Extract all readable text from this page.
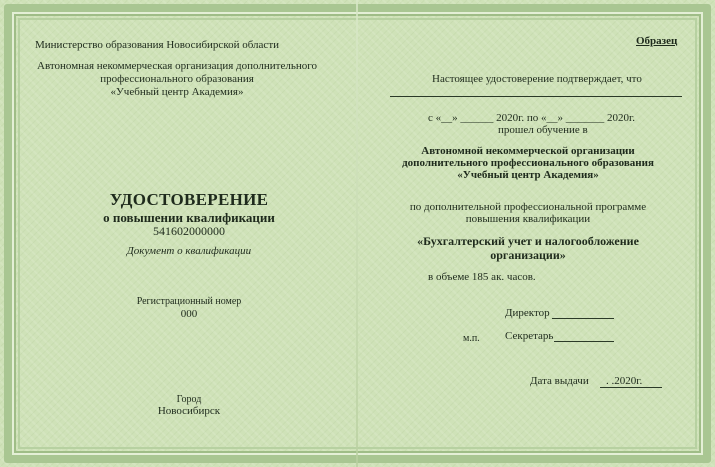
Министерство образования Новосибирской области
Автономная некоммерческая организация дополнительного
профессионального образования
«Учебный центр Академия»
УДОСТОВЕРЕНИЕ
о повышении квалификации
541602000000
Документ о квалификации
Регистрационный номер
000
Город
Новосибирск
Образец
Настоящее удостоверение подтверждает, что
с «__» ______ 2020г. по «__» _______ 2020г.
прошел обучение в
Автономной некоммерческой организации
дополнительного профессионального образования
«Учебный центр Академия»
по дополнительной профессиональной программе
повышения квалификации
«Бухгалтерский учет и налогообложение
организации»
в объеме 185 ак. часов.
Директор
м.п. Секретарь
Дата выдачи . .2020г.
